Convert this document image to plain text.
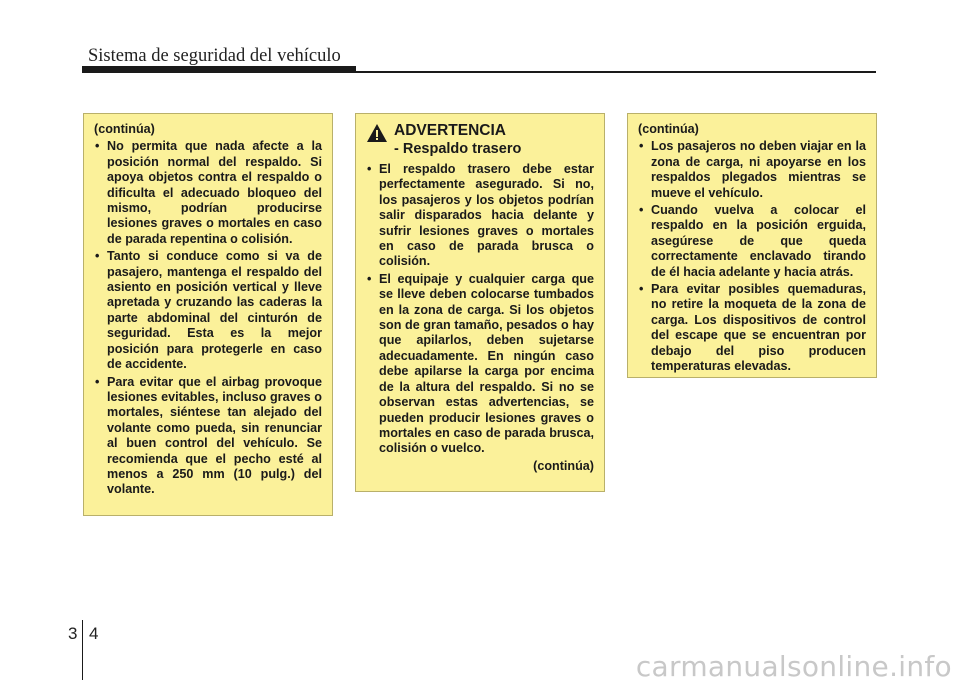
Sistema de seguridad del vehículo
(continúa)
• No permita que nada afecte a la posición normal del respaldo. Si apoya objetos contra el respaldo o dificulta el adecuado bloqueo del mismo, podrían producirse lesiones graves o mortales en caso de parada repentina o colisión.
• Tanto si conduce como si va de pasajero, mantenga el respaldo del asiento en posición vertical y lleve apretada y cruzando las caderas la parte abdominal del cinturón de seguridad. Esta es la mejor posición para protegerle en caso de accidente.
• Para evitar que el airbag provoque lesiones evitables, incluso graves o mortales, siéntese tan alejado del volante como pueda, sin renunciar al buen control del vehículo. Se recomienda que el pecho esté al menos a 250 mm (10 pulg.) del volante.
ADVERTENCIA
- Respaldo trasero
• El respaldo trasero debe estar perfectamente asegurado. Si no, los pasajeros y los objetos podrían salir disparados hacia delante y sufrir lesiones graves o mortales en caso de parada brusca o colisión.
• El equipaje y cualquier carga que se lleve deben colocarse tumbados en la zona de carga. Si los objetos son de gran tamaño, pesados o hay que apilarlos, deben sujetarse adecuadamente. En ningún caso debe apilarse la carga por encima de la altura del respaldo. Si no se observan estas advertencias, se pueden producir lesiones graves o mortales en caso de parada brusca, colisión o vuelco.
(continúa)
(continúa)
• Los pasajeros no deben viajar en la zona de carga, ni apoyarse en los respaldos plegados mientras se mueve el vehículo.
• Cuando vuelva a colocar el respaldo en la posición erguida, asegúrese de que queda correctamente enclavado tirando de él hacia adelante y hacia atrás.
• Para evitar posibles quemaduras, no retire la moqueta de la zona de carga. Los dispositivos de control del escape que se encuentran por debajo del piso producen temperaturas elevadas.
3 4
carmanualsonline.info
